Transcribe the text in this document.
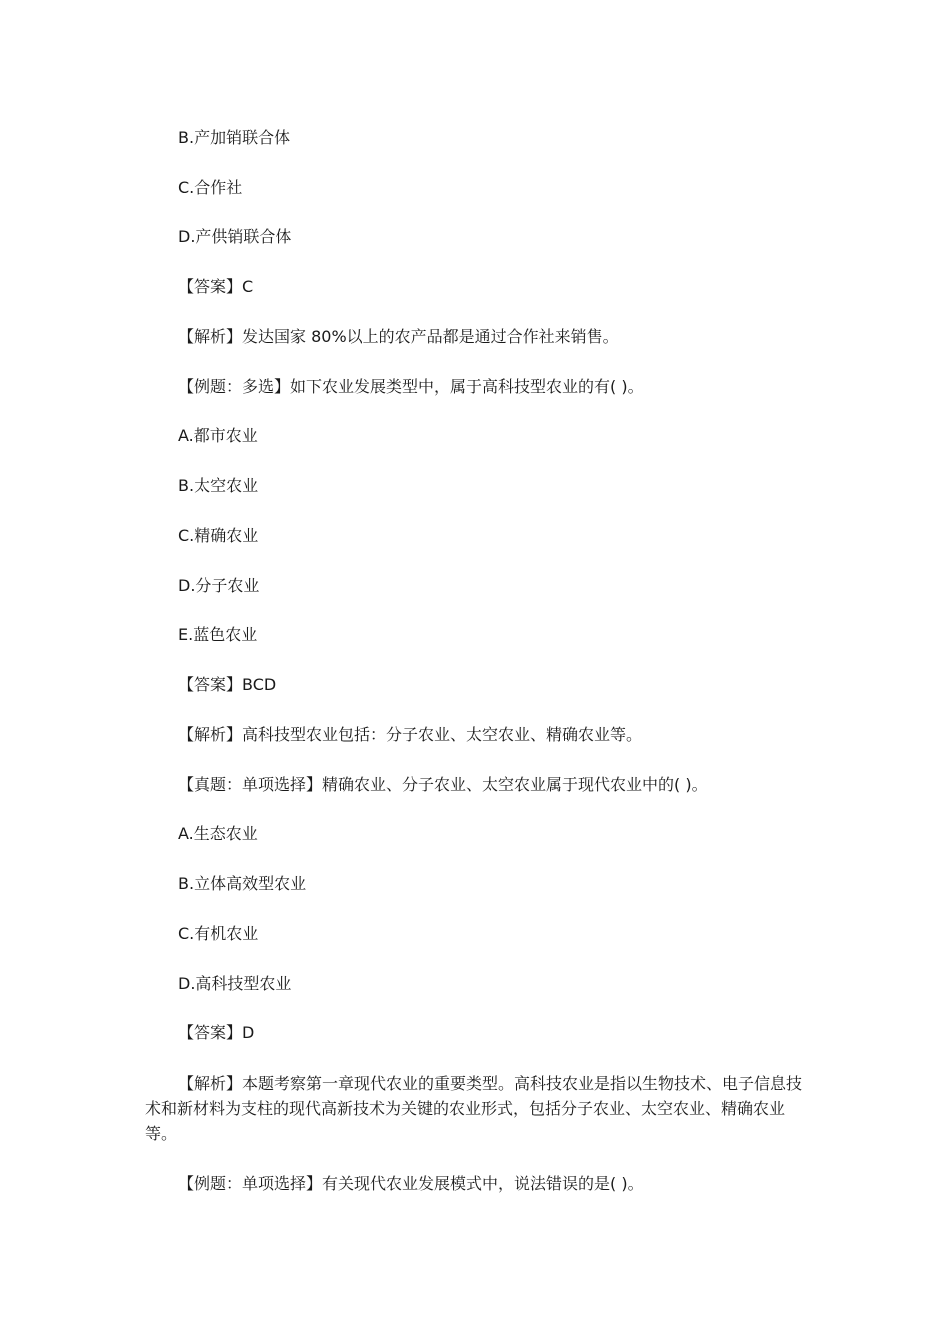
B.产加销联合体

C.合作社

D.产供销联合体

【答案】C

【解析】发达国家 80%以上的农产品都是通过合作社来销售。

【例题：多选】如下农业发展类型中，属于高科技型农业的有( )。

A.都市农业

B.太空农业

C.精确农业

D.分子农业

E.蓝色农业

【答案】BCD

【解析】高科技型农业包括：分子农业、太空农业、精确农业等。

【真题：单项选择】精确农业、分子农业、太空农业属于现代农业中的( )。

A.生态农业

B.立体高效型农业

C.有机农业

D.高科技型农业

【答案】D

【解析】本题考察第一章现代农业的重要类型。高科技农业是指以生物技术、电子信息技术和新材料为支柱的现代高新技术为关键的农业形式，包括分子农业、太空农业、精确农业等。

【例题：单项选择】有关现代农业发展模式中，说法错误的是( )。
